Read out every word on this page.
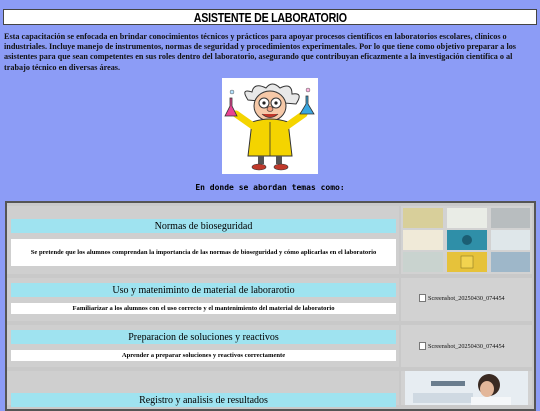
ASISTENTE DE LABORATORIO
Esta capacitación se enfocada en brindar conocimientos técnicos y prácticos para apoyar procesos científicos en laboratorios escolares, clínicos o industriales. Incluye manejo de instrumentos, normas de seguridad y procedimientos experimentales. Por lo que tiene como objetivo preparar a los asistentes para que sean competentes en sus roles dentro del laboratorio, asegurando que contribuyan eficazmente a la investigación científica o al trabajo técnico en diversas áreas.
En donde se abordan temas como:
Normas de bioseguridad
Se pretende que los alumnos comprendan la importancia de las normas de bioseguridad y cómo aplicarlas en el laboratorio
Uso y mateniminto de material de laborarotio
Familiarizar a los alumnos con el uso correcto y el mantenimiento del material de laboratorio
Screenshot_20250430_074454
Preparacion de soluciones y reactivos
Aprender a preparar soluciones y reactivos correctamente
Screenshot_20250430_074454
Registro y analisis de resultados
